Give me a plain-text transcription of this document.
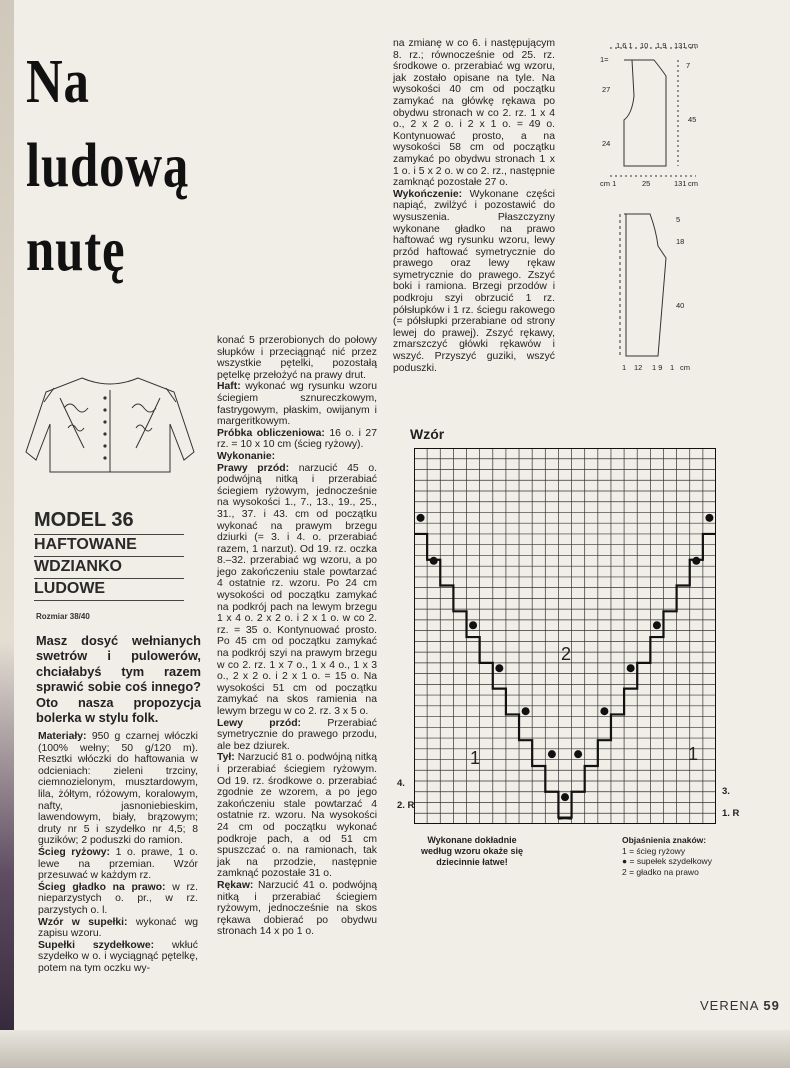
Na
ludową
nutę
MODEL 36
HAFTOWANE
WDZIANKO
LUDOWE
Rozmiar 38/40
Masz dosyć wełnianych swetrów i pulowerów, chciałabyś tym razem sprawić sobie coś innego? Oto nasza propozycja bolerka w stylu folk.

Materiały: 950 g czarnej włóczki (100% wełny; 50 g/120 m). Resztki włóczki do haftowania w odcieniach: zieleni trzciny, ciemnozielonym, musztardowym, lila, żółtym, różowym, koralowym, nafty, jasnoniebieskim, lawendowym, biały, brązowym; druty nr 5 i szydełko nr 4,5; 8 guzików; 2 poduszki do ramion.

Ścieg ryżowy: 1 o. prawe, 1 o. lewe na przemian. Wzór przesuwać w każdym rz.

Ścieg gładko na prawo: w rz. nieparzystych o. pr., w rz. parzystych o. l.

Wzór w supełki: wykonać wg zapisu wzoru.

Supełki szydełkowe: wkłuć szydełko w o. i wyciągnąć pętelkę, potem na tym oczku wy-

konać 5 przerobionych do połowy słupków i przeciągnąć nić przez wszystkie pętelki, pozostałą pętelkę przełożyć na prawy drut.

Haft: wykonać wg rysunku wzoru ściegiem sznureczkowym, fastrygowym, płaskim, owijanym i margeritkowym.

Próbka obliczeniowa: 16 o. i 27 rz. = 10 x 10 cm (ścieg ryżowy).

Wykonanie:

Prawy przód: narzucić 45 o. podwójną nitką i przerabiać ściegiem ryżowym, jednocześnie na wysokości 1., 7., 13., 19., 25., 31., 37. i 43. cm od początku wykonać na prawym brzegu dziurki (= 3. i 4. o. przerabiać razem, 1 narzut). Od 19. rz. oczka 8.–32. przerabiać wg wzoru, a po jego zakończeniu stale powtarzać 4 ostatnie rz. wzoru. Po 24 cm wysokości od początku zamykać na podkrój pach na lewym brzegu 1 x 4 o. 2 x 2 o. i 2 x 1 o. w co 2. rz. = 35 o. Kontynuować prosto. Po 45 cm od początku zamykać na podkrój szyi na prawym brzegu w co 2. rz. 1 x 7 o., 1 x 4 o., 1 x 3 o., 2 x 2 o. i 2 x 1 o. = 15 o. Na wysokości 51 cm od początku zamykać na skos ramienia na lewym brzegu w co 2. rz. 3 x 5 o.

Lewy przód: Przerabiać symetrycznie do prawego przodu, ale bez dziurek.

Tył: Narzucić 81 o. podwójną nitką i przerabiać ściegiem ryżowym. Od 19. rz. środkowe o. przerabiać zgodnie ze wzorem, a po jego zakończeniu stale powtarzać 4 ostatnie rz. wzoru. Na wysokości 24 cm od początku wykonać podkroje pach, a od 51 cm spuszczać o. na ramionach, tak jak na przodzie, następnie zamknąć pozostałe 31 o.

Rękaw: Narzucić 41 o. podwójną nitką i przerabiać ściegiem ryżowym, jednocześnie na skos rękawa dobierać po obydwu stronach 14 x po 1 o.

na zmianę w co 6. i następującym 8. rz.; równocześnie od 25. rz. środkowe o. przerabiać wg wzoru, jak zostało opisane na tyle. Na wysokości 40 cm od początku zamykać na główkę rękawa po obydwu stronach w co 2. rz. 1 x 4 o., 2 x 2 o. i 2 x 1 o. = 49 o. Kontynuować prosto, a na wysokości 58 cm od początku zamykać po obydwu stronach 1 x 1 o. i 5 x 2 o. w co 2. rz., następnie zamknąć pozostałe 27 o.

Wykończenie: Wykonane części napiąć, zwilżyć i pozostawić do wysuszenia. Płaszczyzny wykonane gładko na prawo haftować wg rysunku wzoru, lewy przód haftować symetrycznie do prawego oraz lewy rękaw symetrycznie do prawego. Zszyć boki i ramiona. Brzegi przodów i podkroju szyi obrzucić 1 rz. półsłupków i 1 rz. ściegu rakowego (= półsłupki przerabiane od strony lewej do prawej). Zszyć rękawy, zmarszczyć główki rękawów i wszyć. Przyszyć guziki, wszyć poduszki.

1 6 1 10 1 9 131 cm
1=
7
27
45
24
cm 1	25	131 cm
5
18
40
1 12 1 9 1 cm
Wzór
4.
2. R
3.
1. R
2
1	1
Wykonane dokładnie według wzoru okaże się dziecinnie łatwe!
Objaśnienia znaków:
1 = ścieg ryżowy
● = supełek szydełkowy
2 = gładko na prawo
VERENA 59
